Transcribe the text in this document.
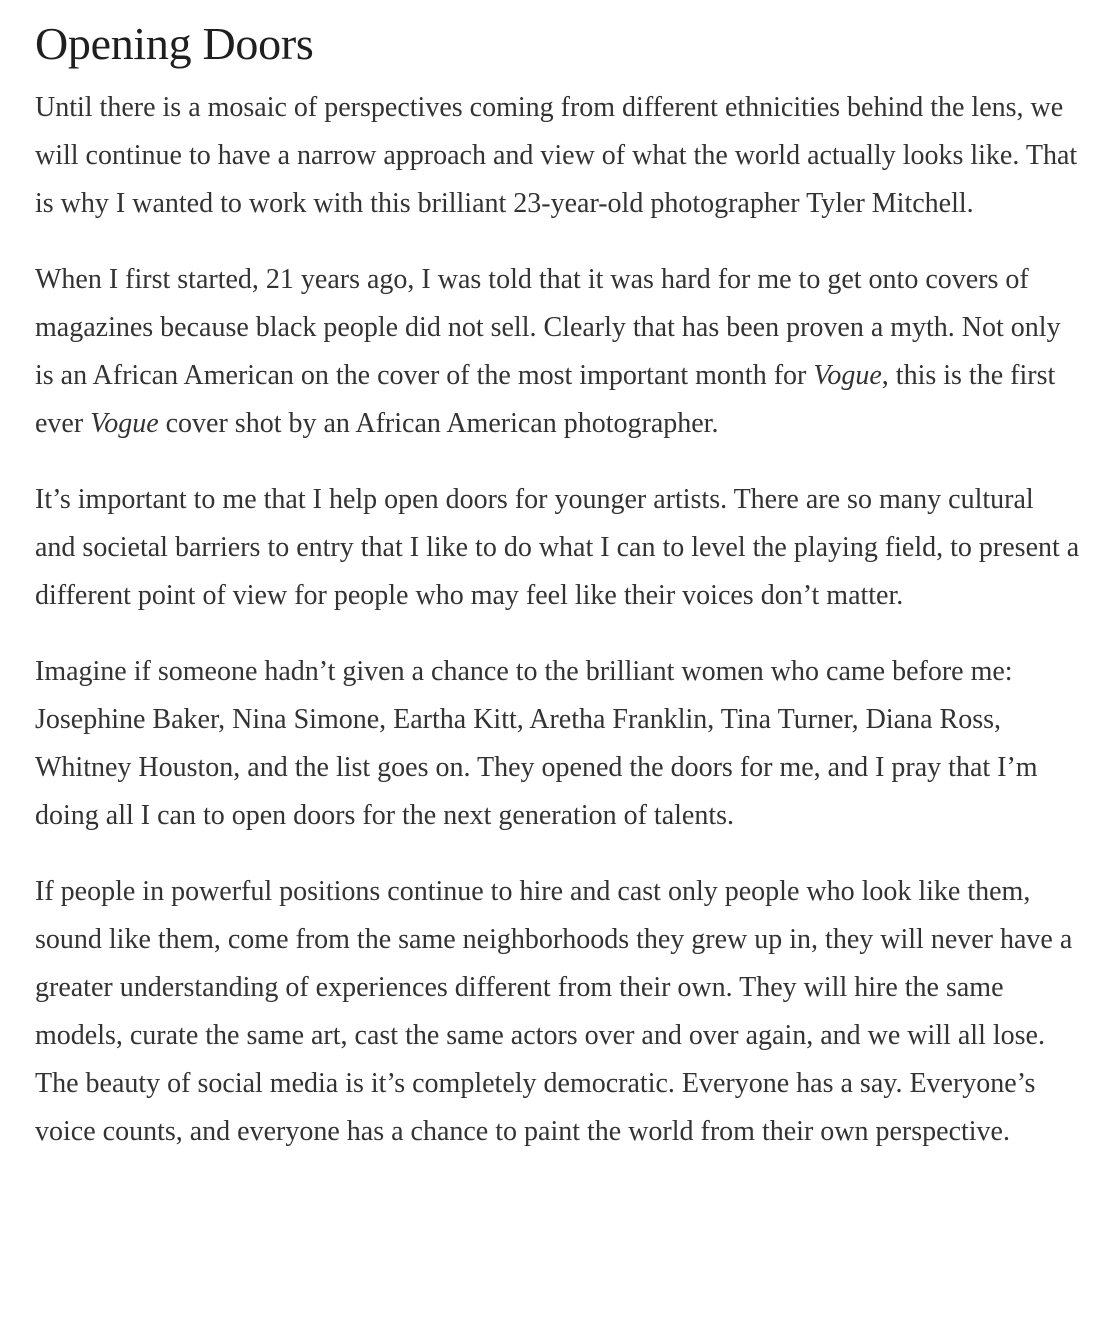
Opening Doors

Until there is a mosaic of perspectives coming from different ethnicities behind the lens, we will continue to have a narrow approach and view of what the world actually looks like. That is why I wanted to work with this brilliant 23-year-old photographer Tyler Mitchell.

When I first started, 21 years ago, I was told that it was hard for me to get onto covers of magazines because black people did not sell. Clearly that has been proven a myth. Not only is an African American on the cover of the most important month for Vogue, this is the first ever Vogue cover shot by an African American photographer.

It’s important to me that I help open doors for younger artists. There are so many cultural and societal barriers to entry that I like to do what I can to level the playing field, to present a different point of view for people who may feel like their voices don’t matter.

Imagine if someone hadn’t given a chance to the brilliant women who came before me: Josephine Baker, Nina Simone, Eartha Kitt, Aretha Franklin, Tina Turner, Diana Ross, Whitney Houston, and the list goes on. They opened the doors for me, and I pray that I’m doing all I can to open doors for the next generation of talents.

If people in powerful positions continue to hire and cast only people who look like them, sound like them, come from the same neighborhoods they grew up in, they will never have a greater understanding of experiences different from their own. They will hire the same models, curate the same art, cast the same actors over and over again, and we will all lose. The beauty of social media is it’s completely democratic. Everyone has a say. Everyone’s voice counts, and everyone has a chance to paint the world from their own perspective.
